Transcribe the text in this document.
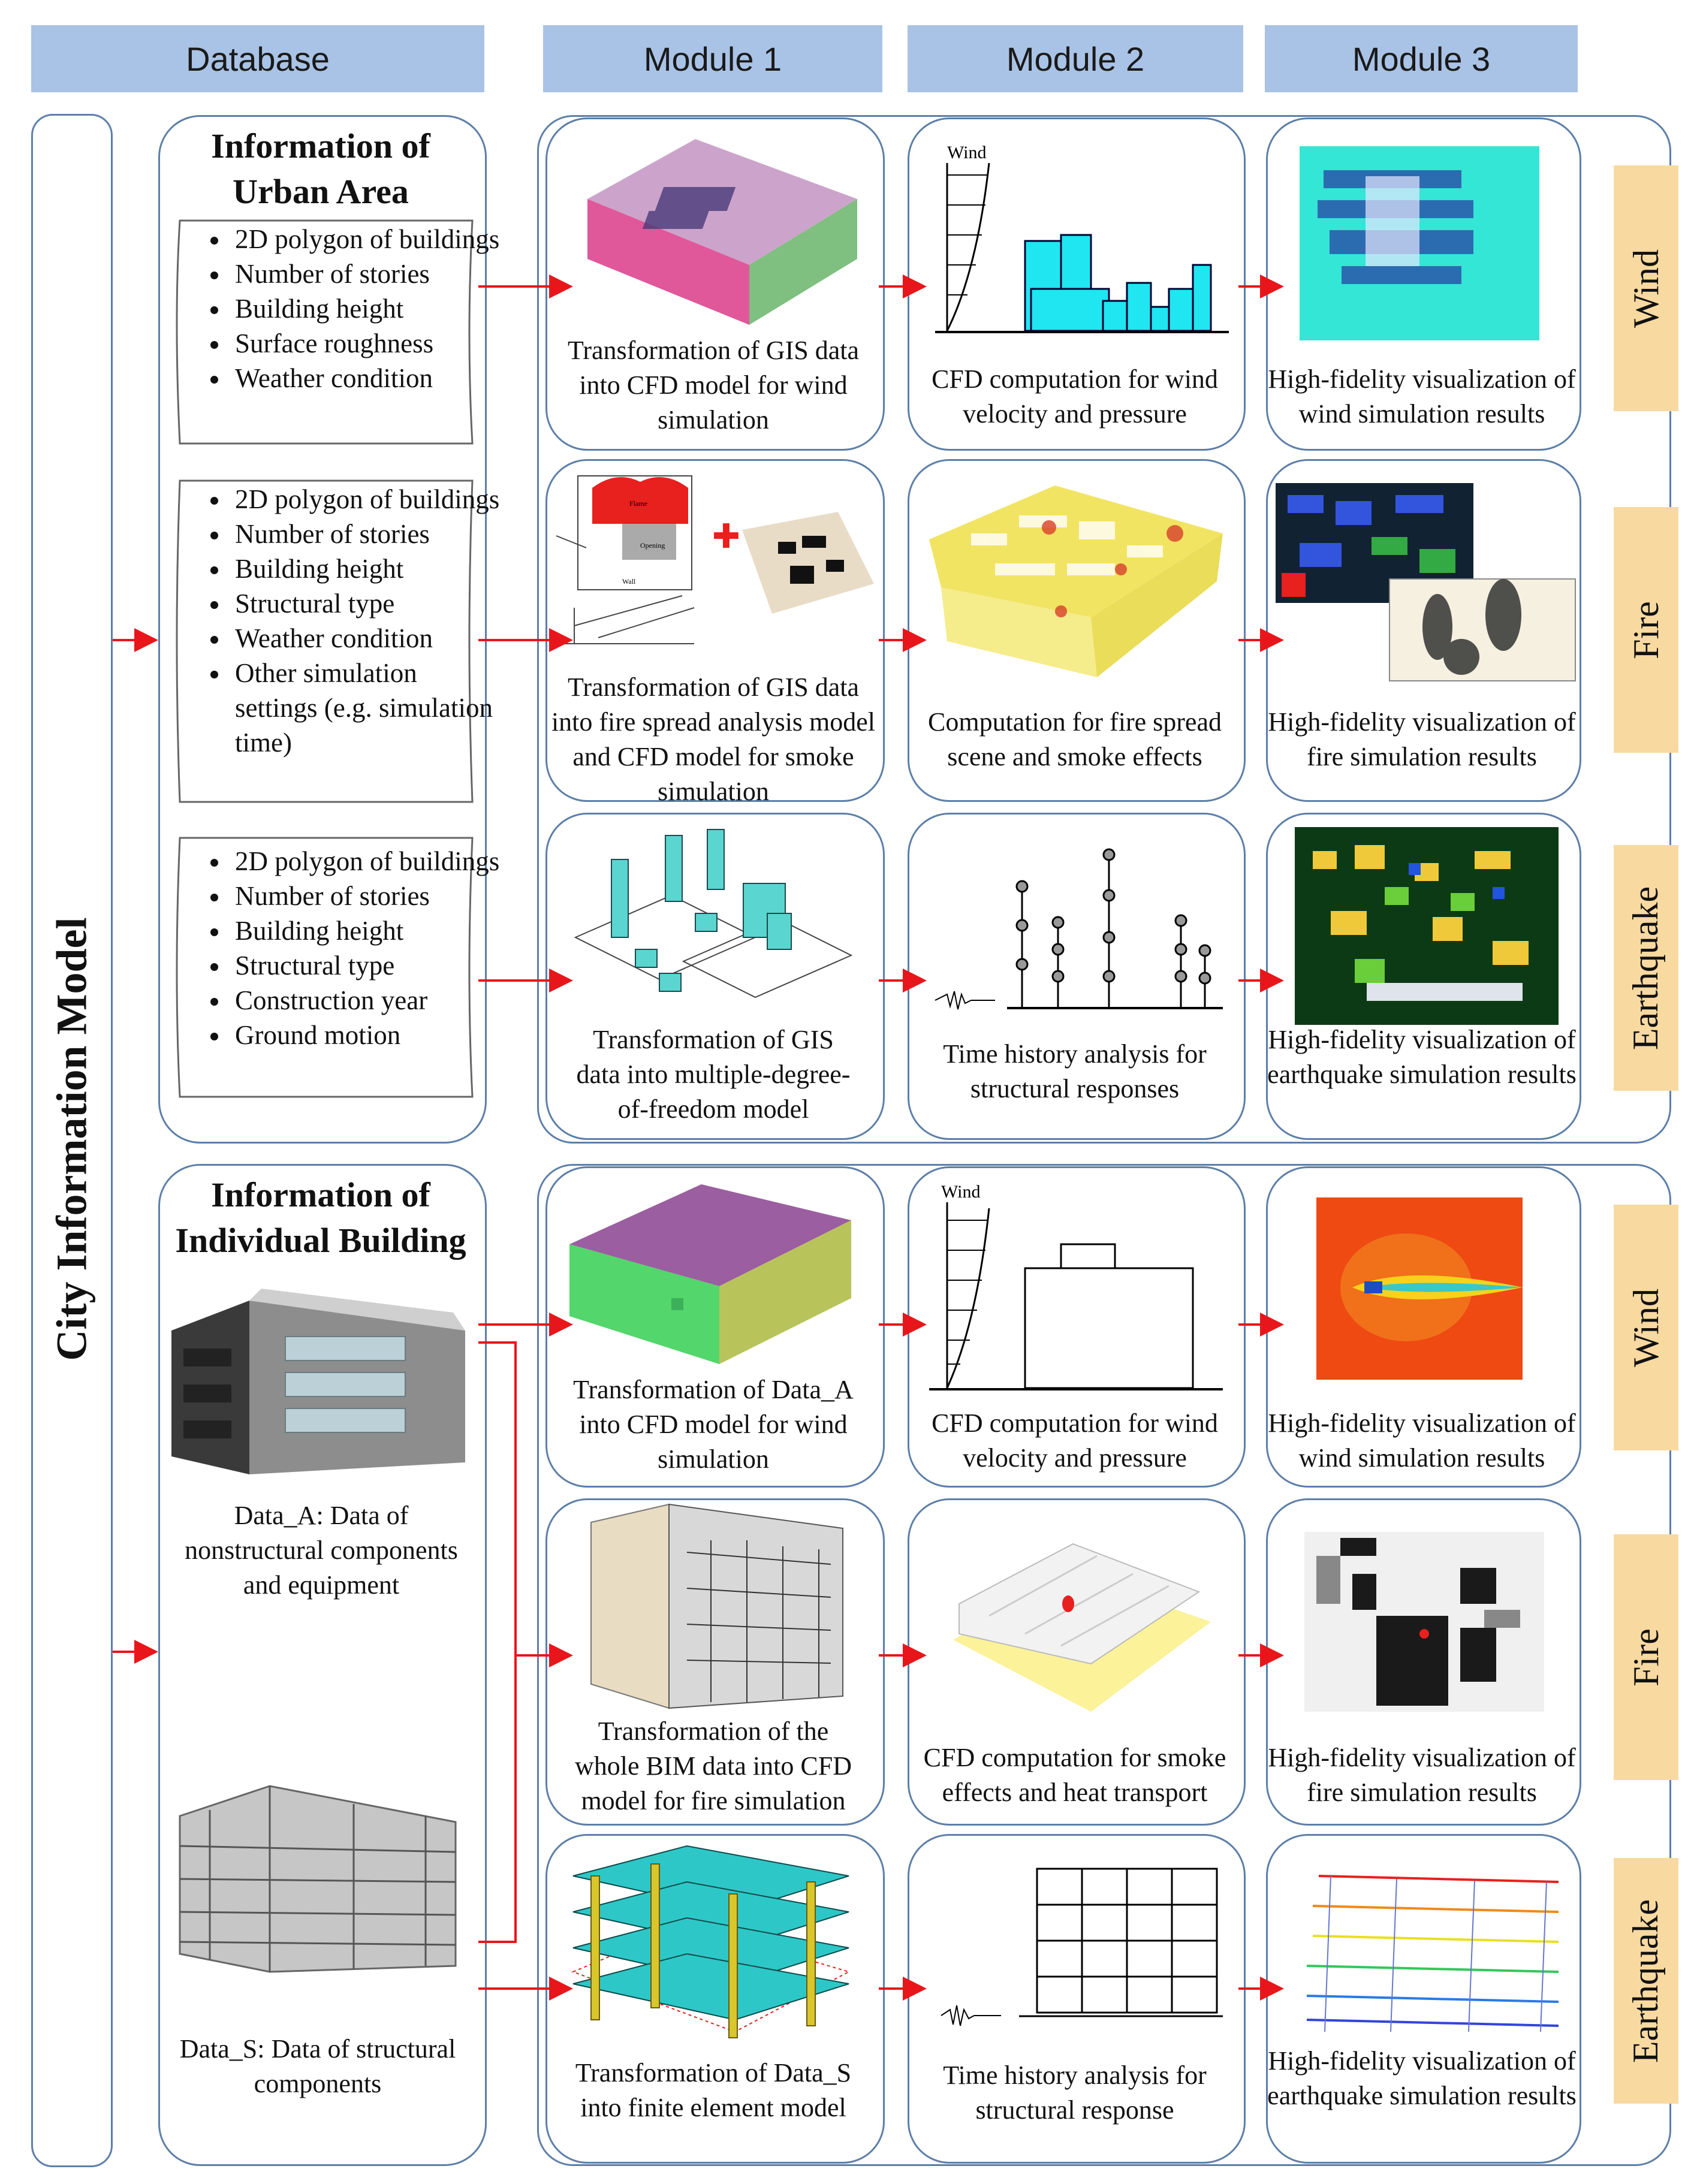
Database	Module 1	Module 2	Module 3
City Information Model
Information of
Urban Area
Information of
Individual Building
• 2D polygon of buildings
• Number of stories
• Building height
• Surface roughness
• Weather condition
• 2D polygon of buildings
• Number of stories
• Building height
• Structural type
• Weather condition
• Other simulation settings (e.g. simulation time)
• 2D polygon of buildings
• Number of stories
• Building height
• Structural type
• Construction year
• Ground motion
Data_A: Data of nonstructural components and equipment
Data_S: Data of structural components
Wind
Fire
Earthquake
Wind
Fire
Earthquake
Wind
Flame
Opening
Wall
✚
Wind
Transformation of GIS data into CFD model for wind simulation
CFD computation for wind velocity and pressure
High-fidelity visualization of wind simulation results
Transformation of GIS data into fire spread analysis model and CFD model for smoke simulation
Computation for fire spread scene and smoke effects
High-fidelity visualization of fire simulation results
Transformation of GIS data into multiple-degree-of-freedom model
Time history analysis for structural responses
High-fidelity visualization of earthquake simulation results
Transformation of Data_A into CFD model for wind simulation
CFD computation for wind velocity and pressure
High-fidelity visualization of wind simulation results
Transformation of the whole BIM data into CFD model for fire simulation
CFD computation for smoke effects and heat transport
High-fidelity visualization of fire simulation results
Transformation of Data_S into finite element model
Time history analysis for structural response
High-fidelity visualization of earthquake simulation results
